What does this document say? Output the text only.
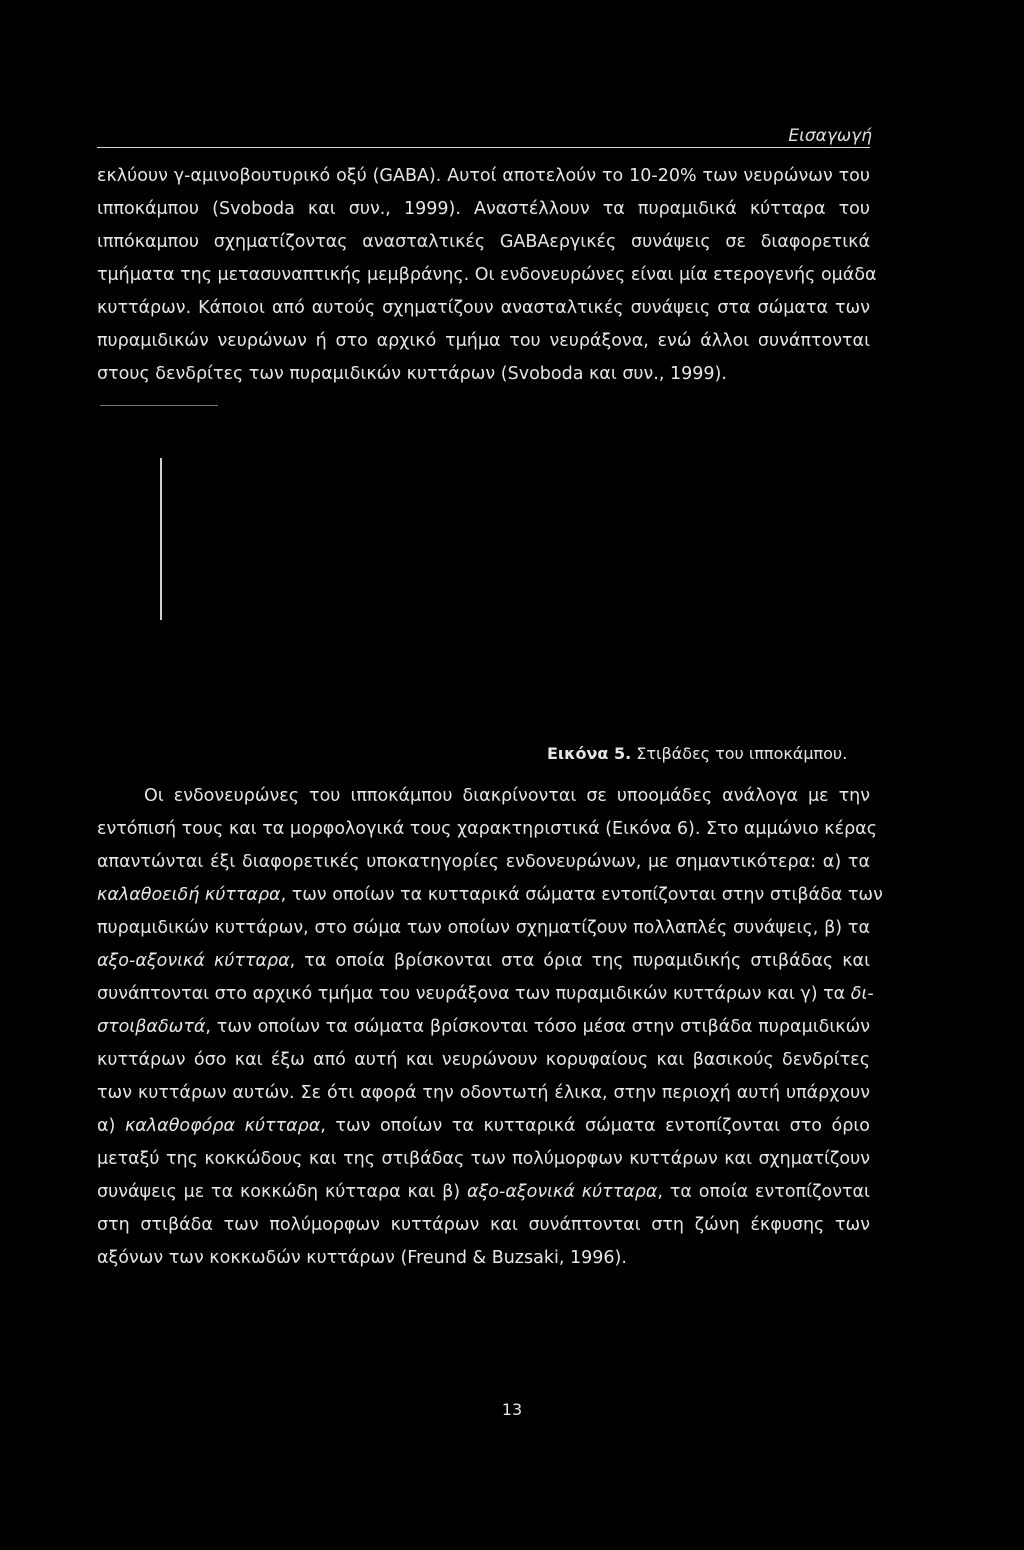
Εισαγωγή
εκλύουν γ-αμινοβουτυρικό οξύ (GABA). Αυτοί αποτελούν το 10-20% των νευρώνων του
ιπποκάμπου (Svoboda και συν., 1999). Αναστέλλουν τα πυραμιδικά κύτταρα του
ιππόκαμπου σχηματίζοντας ανασταλτικές GABAεργικές συνάψεις σε διαφορετικά
τμήματα της μετασυναπτικής μεμβράνης. Οι ενδονευρώνες είναι μία ετερογενής ομάδα
κυττάρων. Κάποιοι από αυτούς σχηματίζουν ανασταλτικές συνάψεις στα σώματα των
πυραμιδικών νευρώνων ή στο αρχικό τμήμα του νευράξονα, ενώ άλλοι συνάπτονται
στους δενδρίτες των πυραμιδικών κυττάρων (Svoboda και συν., 1999).
Εικόνα 5. Στιβάδες του ιπποκάμπου.
Οι ενδονευρώνες του ιπποκάμπου διακρίνονται σε υποομάδες ανάλογα με την
εντόπισή τους και τα μορφολογικά τους χαρακτηριστικά (Εικόνα 6). Στο αμμώνιο κέρας
απαντώνται έξι διαφορετικές υποκατηγορίες ενδονευρώνων, με σημαντικότερα: α) τα
καλαθοειδή κύτταρα, των οποίων τα κυτταρικά σώματα εντοπίζονται στην στιβάδα των
πυραμιδικών κυττάρων, στο σώμα των οποίων σχηματίζουν πολλαπλές συνάψεις, β) τα
αξο-αξονικά κύτταρα, τα οποία βρίσκονται στα όρια της πυραμιδικής στιβάδας και
συνάπτονται στο αρχικό τμήμα του νευράξονα των πυραμιδικών κυττάρων και γ) τα δι-
στοιβαδωτά, των οποίων τα σώματα βρίσκονται τόσο μέσα στην στιβάδα πυραμιδικών
κυττάρων όσο και έξω από αυτή και νευρώνουν κορυφαίους και βασικούς δενδρίτες
των κυττάρων αυτών. Σε ότι αφορά την οδοντωτή έλικα, στην περιοχή αυτή υπάρχουν
α) καλαθοφόρα κύτταρα, των οποίων τα κυτταρικά σώματα εντοπίζονται στο όριο
μεταξύ της κοκκώδους και της στιβάδας των πολύμορφων κυττάρων και σχηματίζουν
συνάψεις με τα κοκκώδη κύτταρα και β) αξο-αξονικά κύτταρα, τα οποία εντοπίζονται
στη στιβάδα των πολύμορφων κυττάρων και συνάπτονται στη ζώνη έκφυσης των
αξόνων των κοκκωδών κυττάρων (Freund & Buzsaki, 1996).
13
